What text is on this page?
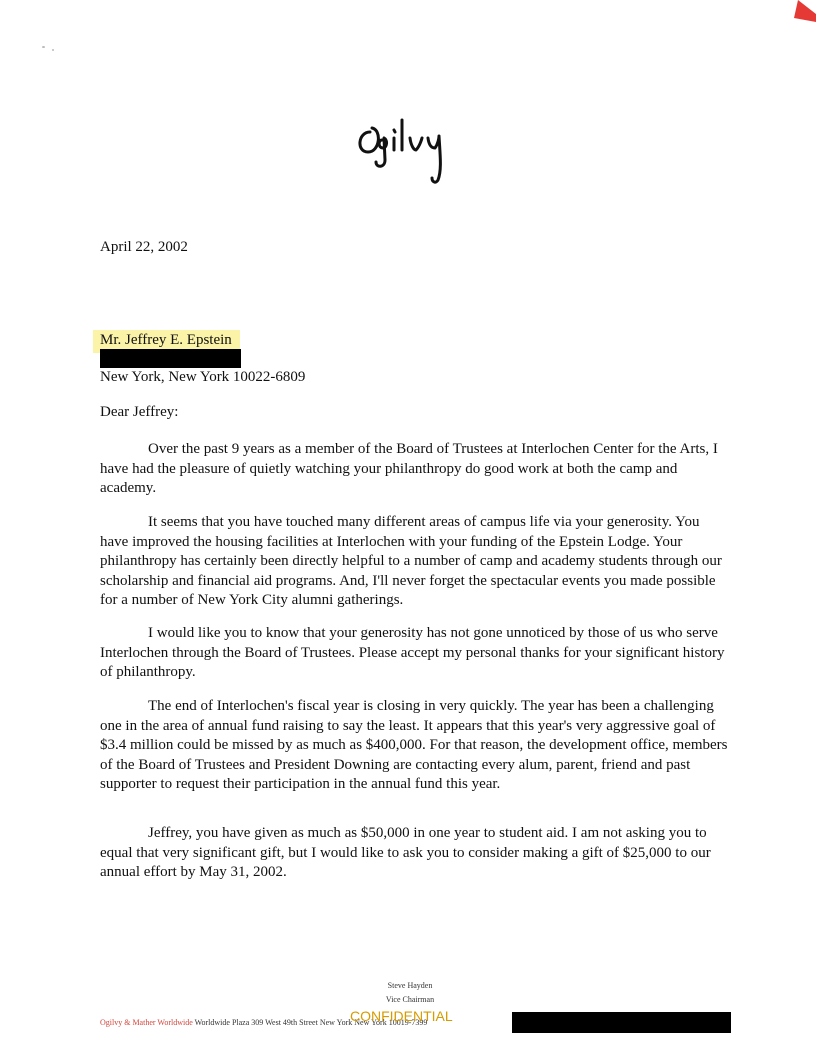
April 22, 2002
Mr. Jeffrey E. Epstein
New York, New York 10022-6809
Dear Jeffrey:

Over the past 9 years as a member of the Board of Trustees at Interlochen Center for the Arts, I have had the pleasure of quietly watching your philanthropy do good work at both the camp and academy.

It seems that you have touched many different areas of campus life via your generosity. You have improved the housing facilities at Interlochen with your funding of the Epstein Lodge. Your philanthropy has certainly been directly helpful to a number of camp and academy students through our scholarship and financial aid programs. And, I'll never forget the spectacular events you made possible for a number of New York City alumni gatherings.

I would like you to know that your generosity has not gone unnoticed by those of us who serve Interlochen through the Board of Trustees. Please accept my personal thanks for your significant history of philanthropy.

The end of Interlochen's fiscal year is closing in very quickly. The year has been a challenging one in the area of annual fund raising to say the least. It appears that this year's very aggressive goal of $3.4 million could be missed by as much as $400,000. For that reason, the development office, members of the Board of Trustees and President Downing are contacting every alum, parent, friend and past supporter to request their participation in the annual fund this year.

Jeffrey, you have given as much as $50,000 in one year to student aid. I am not asking you to equal that very significant gift, but I would like to ask you to consider making a gift of $25,000 to our annual effort by May 31, 2002.

Steve Hayden
Vice Chairman
Ogilvy & Mather Worldwide Worldwide Plaza 309 West 49th Street New York New York 10019-7399
CONFIDENTIAL
